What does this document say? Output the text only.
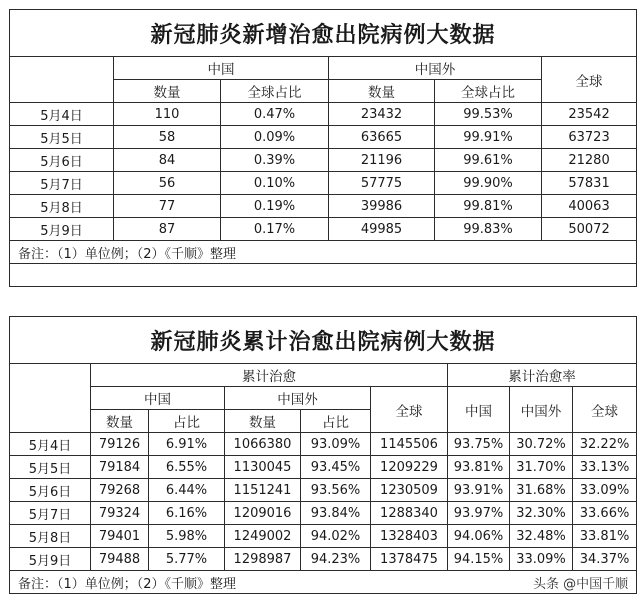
新冠肺炎新增治愈出院病例大数据					
	中国		中国外		全球
	数量	全球占比	数量	全球占比	
5月4日	110	0.47%	23432	99.53%	23542
5月5日	58	0.09%	63665	99.91%	63723
5月6日	84	0.39%	21196	99.61%	21280
5月7日	56	0.10%	57775	99.90%	57831
5月8日	77	0.19%	39986	99.81%	40063
5月9日	87	0.17%	49985	99.83%	50072
备注：（1）单位例；（2）《千顺》整理					

新冠肺炎累计治愈出院病例大数据								
	累计治愈					累计治愈率		
	中国		中国外		全球	中国	中国外	全球
	数量	占比	数量	占比				
5月4日	79126	6.91%	1066380	93.09%	1145506	93.75%	30.72%	32.22%
5月5日	79184	6.55%	1130045	93.45%	1209229	93.81%	31.70%	33.13%
5月6日	79268	6.44%	1151241	93.56%	1230509	93.91%	31.68%	33.09%
5月7日	79324	6.16%	1209016	93.84%	1288340	93.97%	32.30%	33.66%
5月8日	79401	5.98%	1249002	94.02%	1328403	94.06%	32.48%	33.81%
5月9日	79488	5.77%	1298987	94.23%	1378475	94.15%	33.09%	34.37%
备注：（1）单位例；（2）《千顺》整理 头条 @中国千顺								
